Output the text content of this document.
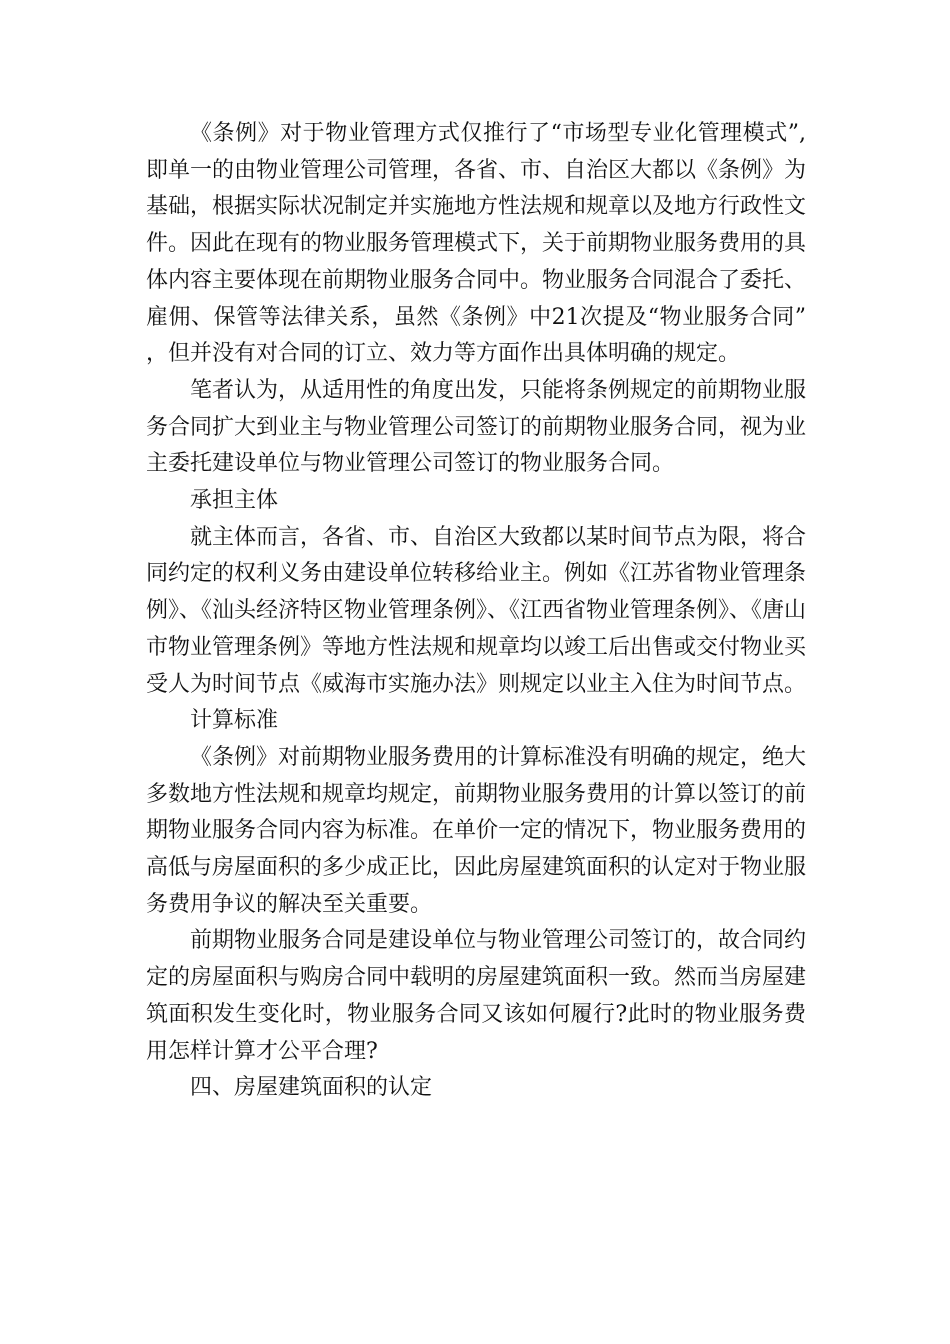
《条例》对于物业管理方式仅推行了“市场型专业化管理模式”,即单一的由物业管理公司管理，各省、市、自治区大都以《条例》为基础，根据实际状况制定并实施地方性法规和规章以及地方行政性文件。因此在现有的物业服务管理模式下，关于前期物业服务费用的具体内容主要体现在前期物业服务合同中。物业服务合同混合了委托、雇佣、保管等法律关系，虽然《条例》中21次提及“物业服务合同”，但并没有对合同的订立、效力等方面作出具体明确的规定。

笔者认为，从适用性的角度出发，只能将条例规定的前期物业服务合同扩大到业主与物业管理公司签订的前期物业服务合同，视为业主委托建设单位与物业管理公司签订的物业服务合同。

承担主体

就主体而言，各省、市、自治区大致都以某时间节点为限，将合同约定的权利义务由建设单位转移给业主。例如《江苏省物业管理条例》、《汕头经济特区物业管理条例》、《江西省物业管理条例》、《唐山市物业管理条例》等地方性法规和规章均以竣工后出售或交付物业买受人为时间节点《威海市实施办法》则规定以业主入住为时间节点。

计算标准

《条例》对前期物业服务费用的计算标准没有明确的规定，绝大多数地方性法规和规章均规定，前期物业服务费用的计算以签订的前期物业服务合同内容为标准。在单价一定的情况下，物业服务费用的高低与房屋面积的多少成正比，因此房屋建筑面积的认定对于物业服务费用争议的解决至关重要。

前期物业服务合同是建设单位与物业管理公司签订的，故合同约定的房屋面积与购房合同中载明的房屋建筑面积一致。然而当房屋建筑面积发生变化时，物业服务合同又该如何履行?此时的物业服务费用怎样计算才公平合理?

四、房屋建筑面积的认定
